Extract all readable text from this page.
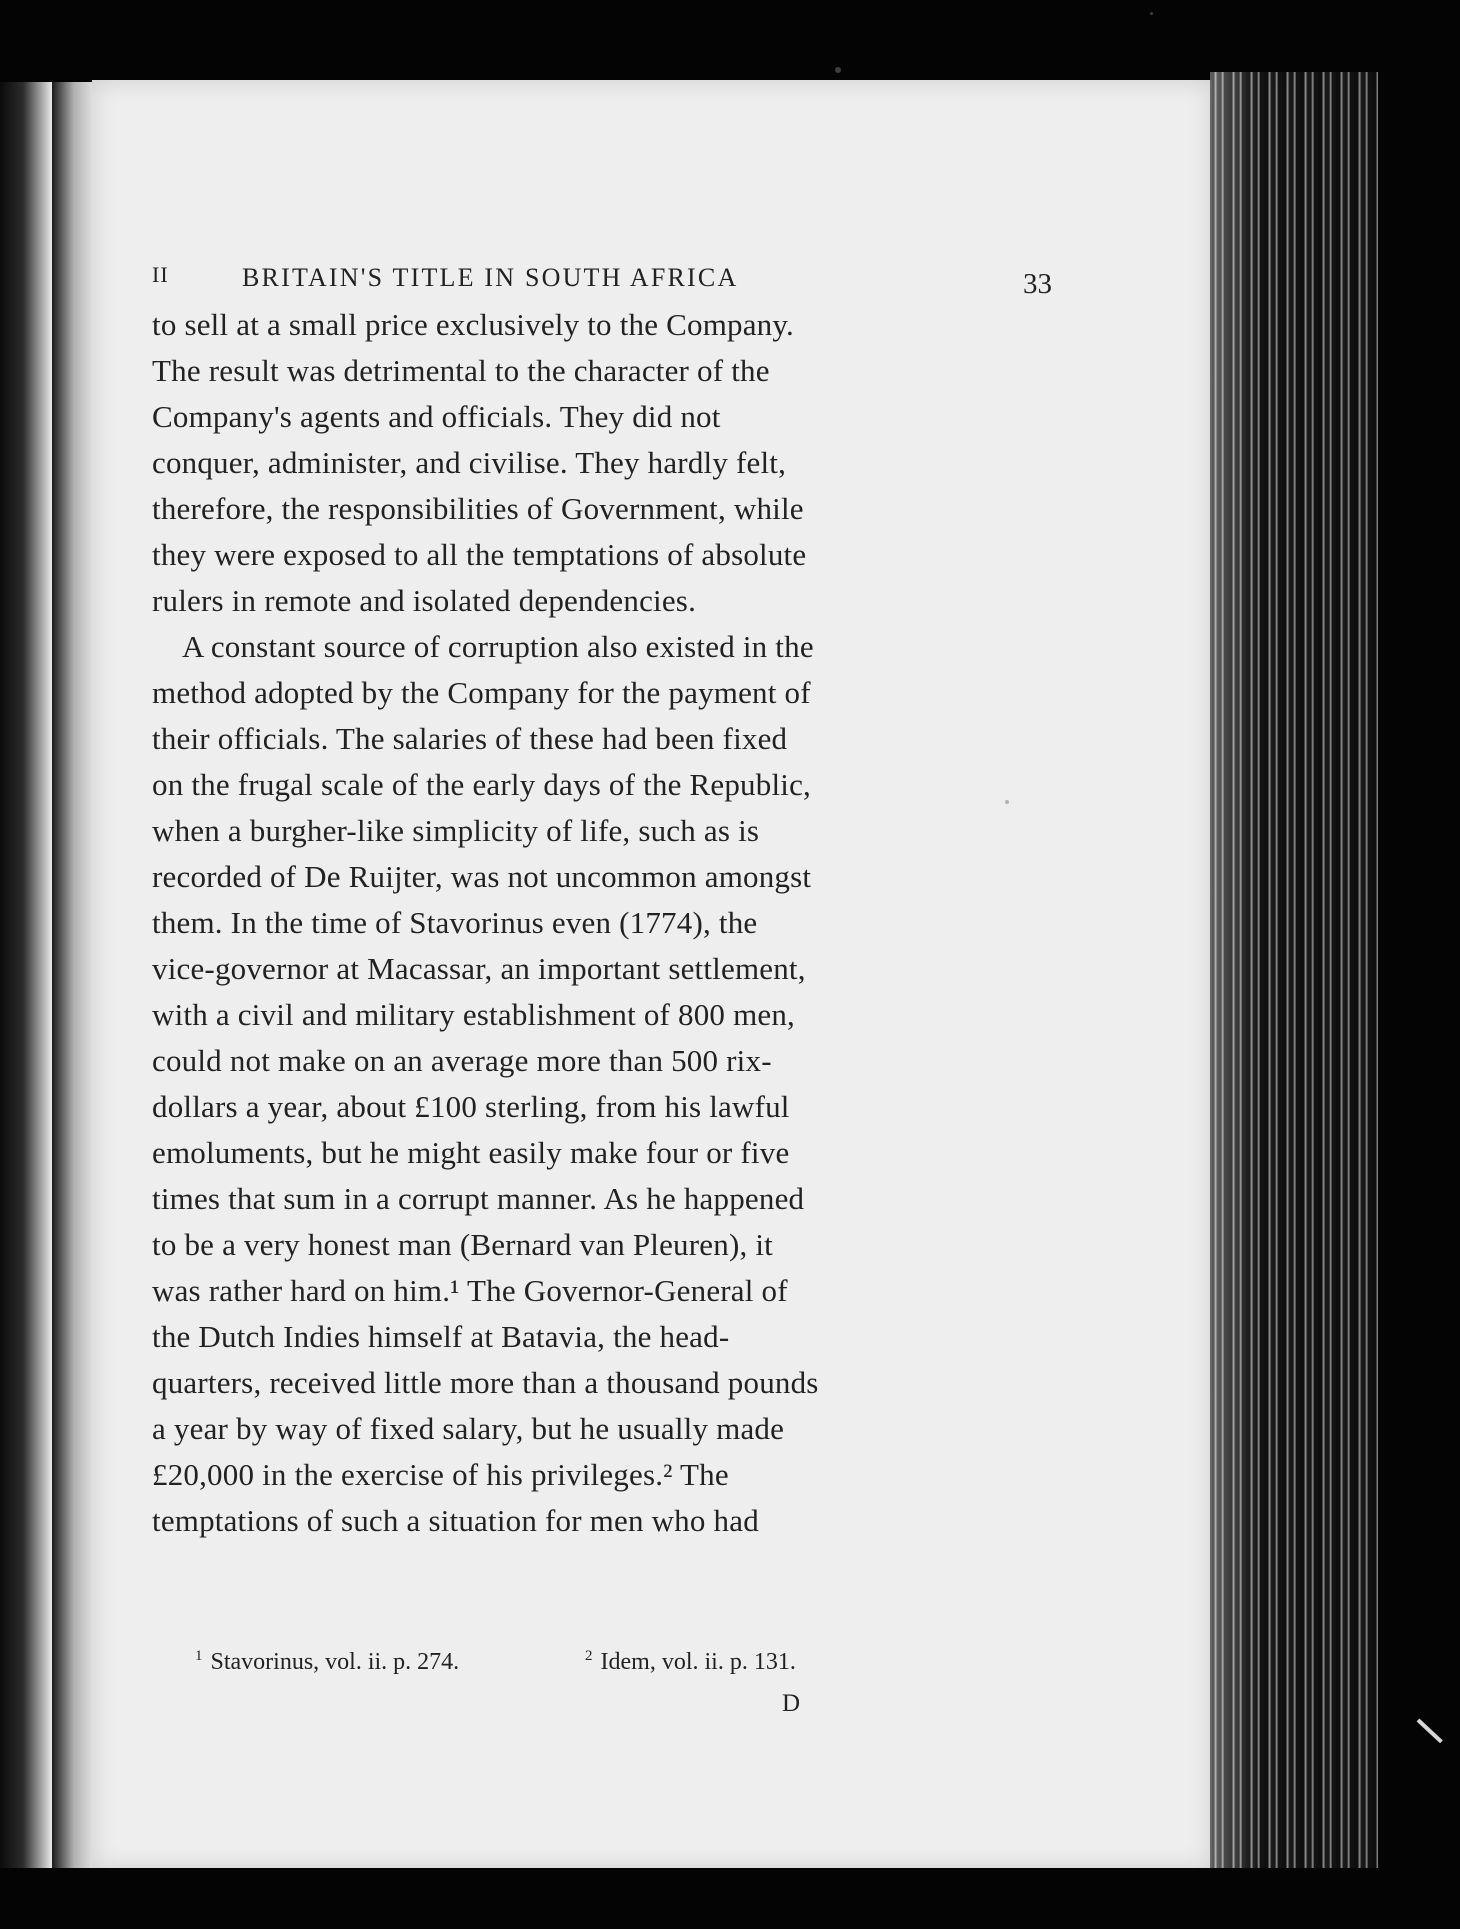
II	BRITAIN'S TITLE IN SOUTH AFRICA	33
to sell at a small price exclusively to the Company.
The result was detrimental to the character of the
Company's agents and officials. They did not
conquer, administer, and civilise. They hardly felt,
therefore, the responsibilities of Government, while
they were exposed to all the temptations of absolute
rulers in remote and isolated dependencies.
A constant source of corruption also existed in the
method adopted by the Company for the payment of
their officials. The salaries of these had been fixed
on the frugal scale of the early days of the Republic,
when a burgher-like simplicity of life, such as is
recorded of De Ruijter, was not uncommon amongst
them. In the time of Stavorinus even (1774), the
vice-governor at Macassar, an important settlement,
with a civil and military establishment of 800 men,
could not make on an average more than 500 rix-
dollars a year, about £100 sterling, from his lawful
emoluments, but he might easily make four or five
times that sum in a corrupt manner. As he happened
to be a very honest man (Bernard van Pleuren), it
was rather hard on him.¹ The Governor-General of
the Dutch Indies himself at Batavia, the head-
quarters, received little more than a thousand pounds
a year by way of fixed salary, but he usually made
£20,000 in the exercise of his privileges.² The
temptations of such a situation for men who had
$^1$ Stavorinus, vol. ii. p. 274.	$^2$ Idem, vol. ii. p. 131.
D
